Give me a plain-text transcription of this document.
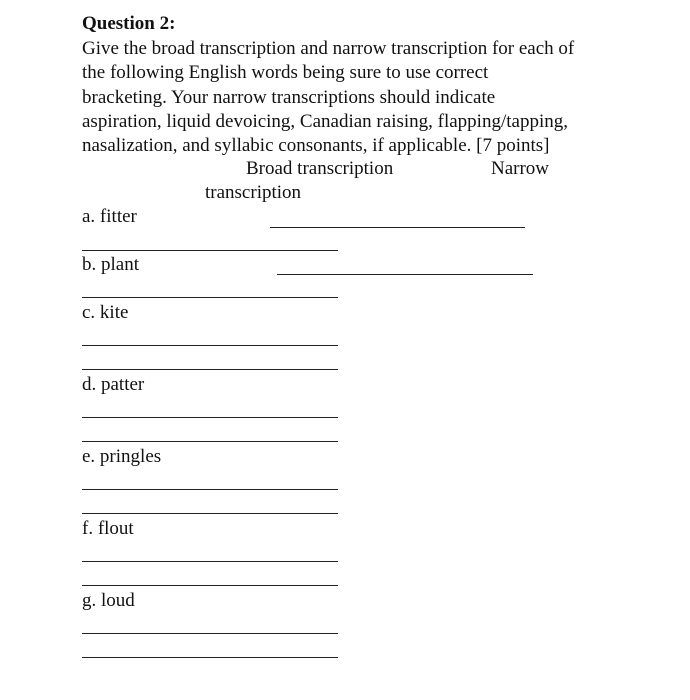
Question 2:
Give the broad transcription and narrow transcription for each of
the following English words being sure to use correct
bracketing. Your narrow transcriptions should indicate
aspiration, liquid devoicing, Canadian raising, flapping/tapping,
nasalization, and syllabic consonants, if applicable. [7 points]
Broad transcription	Narrow
transcription
a. fitter
b. plant
c. kite
d. patter
e. pringles
f. flout
g. loud
